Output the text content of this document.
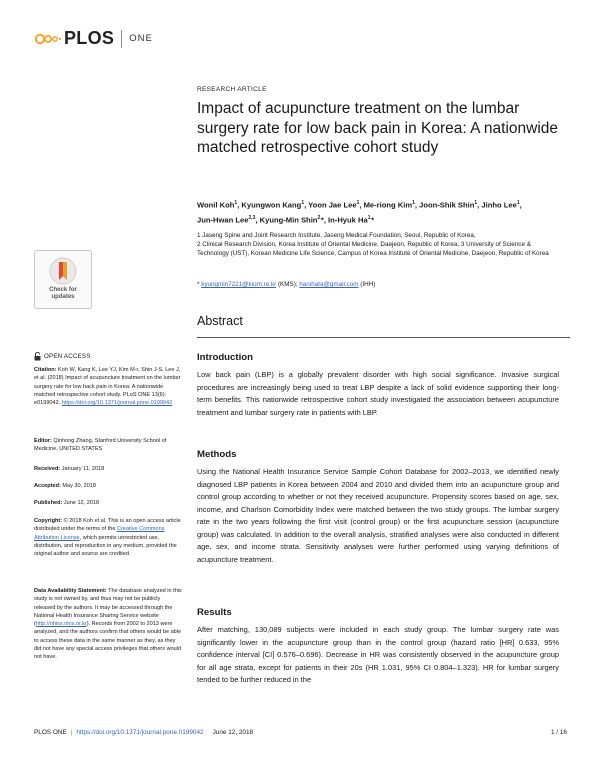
PLOS ONE
RESEARCH ARTICLE
Impact of acupuncture treatment on the lumbar surgery rate for low back pain in Korea: A nationwide matched retrospective cohort study
Wonil Koh$^1$, Kyungwon Kang$^1$, Yoon Jae Lee$^1$, Me-riong Kim$^1$, Joon-Shik Shin$^1$, Jinho Lee$^1$, Jun-Hwan Lee$^{2,3}$, Kyung-Min Shin$^2$ *, In-Hyuk Ha$^1$ *
1 Jaseng Spine and Joint Research Institute, Jaseng Medical Foundation, Seoul, Republic of Korea,
2 Clinical Research Division, Korea Institute of Oriental Medicine, Daejeon, Republic of Korea, 3 University of Science & Technology (UST), Korean Medicine Life Science, Campus of Korea Institute of Oriental Medicine, Daejeon, Republic of Korea
* kyungmin7221@kiom.re.kr (KMS); hanihata@gmail.com (IHH)
Abstract
Introduction
Low back pain (LBP) is a globally prevalent disorder with high social significance. Invasive surgical procedures are increasingly being used to treat LBP despite a lack of solid evidence supporting their long-term benefits. This nationwide retrospective cohort study investigated the association between acupuncture treatment and lumbar surgery rate in patients with LBP.
Methods
Using the National Health Insurance Service Sample Cohort Database for 2002–2013, we identified newly diagnosed LBP patients in Korea between 2004 and 2010 and divided them into an acupuncture group and control group according to whether or not they received acupuncture. Propensity scores based on age, sex, income, and Charlson Comorbidity Index were matched between the two study groups. The lumbar surgery rate in the two years following the first visit (control group) or the first acupuncture session (acupuncture group) was calculated. In addition to the overall analysis, stratified analyses were also conducted in different age, sex, and income strata. Sensitivity analyses were further performed using varying definitions of acupuncture treatment.
Results
After matching, 130,089 subjects were included in each study group. The lumbar surgery rate was significantly lower in the acupuncture group than in the control group (hazard ratio [HR] 0.633, 95% confidence interval [CI] 0.576–0.696). Decrease in HR was consistently observed in the acupuncture group for all age strata, except for patients in their 20s (HR 1.031, 95% CI 0.804–1.323). HR for lumbar surgery tended to be further reduced in the
Check for
updates
OPEN ACCESS
Citation: Koh W, Kang K, Lee YJ, Kim M-r, Shin J-S, Lee J, et al. (2018) Impact of acupuncture treatment on the lumbar surgery rate for low back pain in Korea: A nationwide matched retrospective cohort study. PLoS ONE 13(6): e0199042. https://doi.org/10.1371/journal.pone.0199042
Editor: Qinhong Zhang, Stanford University School of Medicine, UNITED STATES
Received: January 11, 2018
Accepted: May 30, 2018
Published: June 12, 2018
Copyright: © 2018 Koh et al. This is an open access article distributed under the terms of the Creative Commons Attribution License, which permits unrestricted use, distribution, and reproduction in any medium, provided the original author and source are credited.
Data Availability Statement: The database analyzed in this study is not owned by, and thus may not be publicly released by the authors. It may be accessed through the National Health Insurance Sharing Service website (http://nhiss.nhis.or.kr). Records from 2002 to 2013 were analyzed, and the authors confirm that others would be able to access these data in the same manner as they, as they did not have any special access privileges that others would not have.
PLOS ONE | https://doi.org/10.1371/journal.pone.0199042 June 12, 2018	1 / 16
